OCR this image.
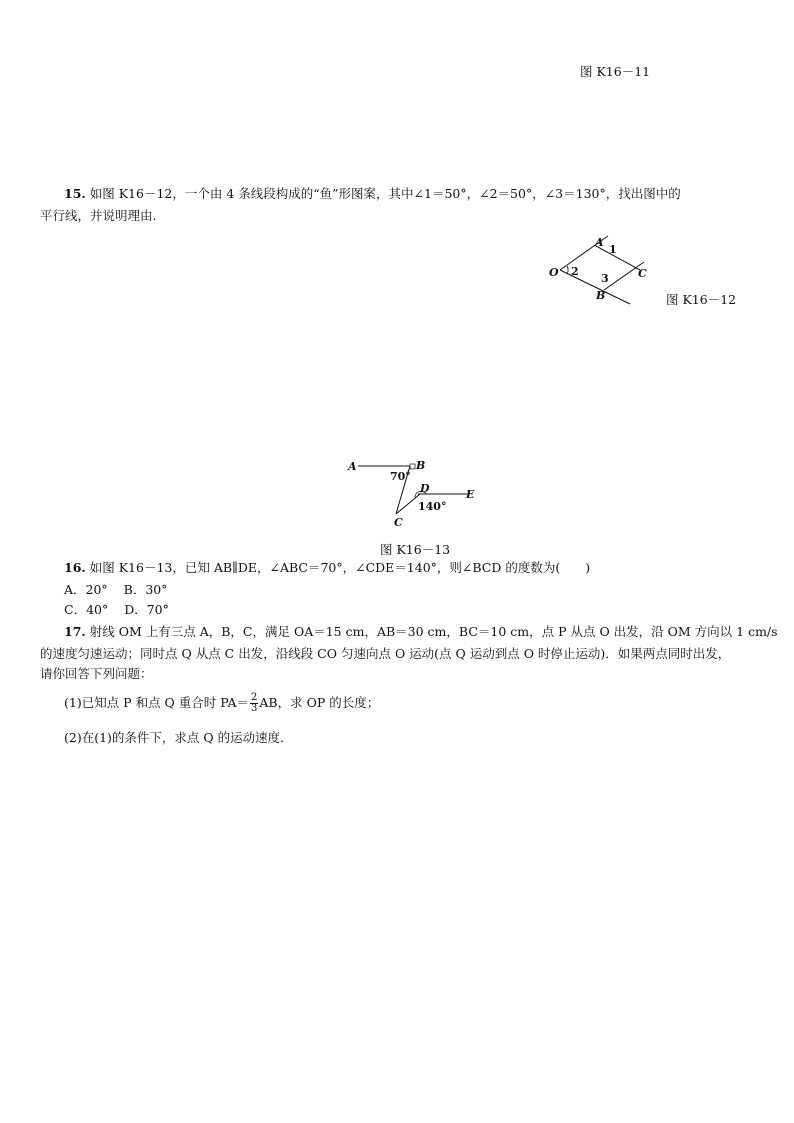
图 K16－11
15. 如图 K16－12，一个由 4 条线段构成的“鱼”形图案，其中∠1＝50°，∠2＝50°，∠3＝130°，找出图中的
平行线，并说明理由.
O
A
B
C
1
2
3
图 K16－12
A	B
C
D	E
70°
140°
图 K16－13
16. 如图 K16－13，已知 AB∥DE，∠ABC＝70°，∠CDE＝140°，则∠BCD 的度数为(　　)
A．20° B．30°
C．40° D．70°
17. 射线 OM 上有三点 A，B，C，满足 OA＝15 cm，AB＝30 cm，BC＝10 cm，点 P 从点 O 出发，沿 OM 方向以 1 cm/s
的速度匀速运动；同时点 Q 从点 C 出发，沿线段 CO 匀速向点 O 运动(点 Q 运动到点 O 时停止运动)．如果两点同时出发，
请你回答下列问题：
(1)已知点 P 和点 Q 重合时 $PA= \frac{2}{3}$ AB，求 OP 的长度；
(2)在(1)的条件下，求点 Q 的运动速度．
